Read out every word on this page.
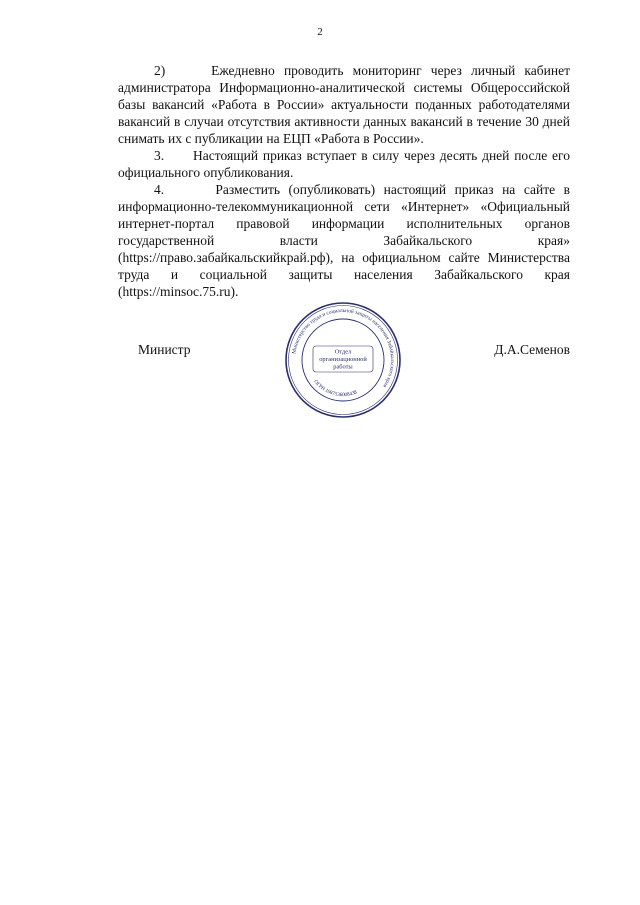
2

2)     Ежедневно проводить мониторинг через личный кабинет
администратора Информационно-аналитической системы Общероссийской
базы вакансий «Работа в России» актуальности поданных работодателями
вакансий в случаи отсутствия активности данных вакансий в течение 30 дней
снимать их с публикации на ЕЦП «Работа в России».

3.      Настоящий приказ вступает в силу через десять дней после его
официального опубликования.

4.      Разместить (опубликовать) настоящий приказ на сайте в
информационно-телекоммуникационной сети «Интернет» «Официальный
интернет-портал правовой информации исполнительных органов
государственной власти Забайкальского края»
(https://право.забайкальскийкрай.рф), на официальном сайте Министерства
труда и социальной защиты населения Забайкальского края
(https://minsoc.75.ru).

Министр	Д.А.Семенов
Министерство труда и социальной защиты населения Забайкальского края
ОГРН 1087536008438
Отдел
организационной
работы
